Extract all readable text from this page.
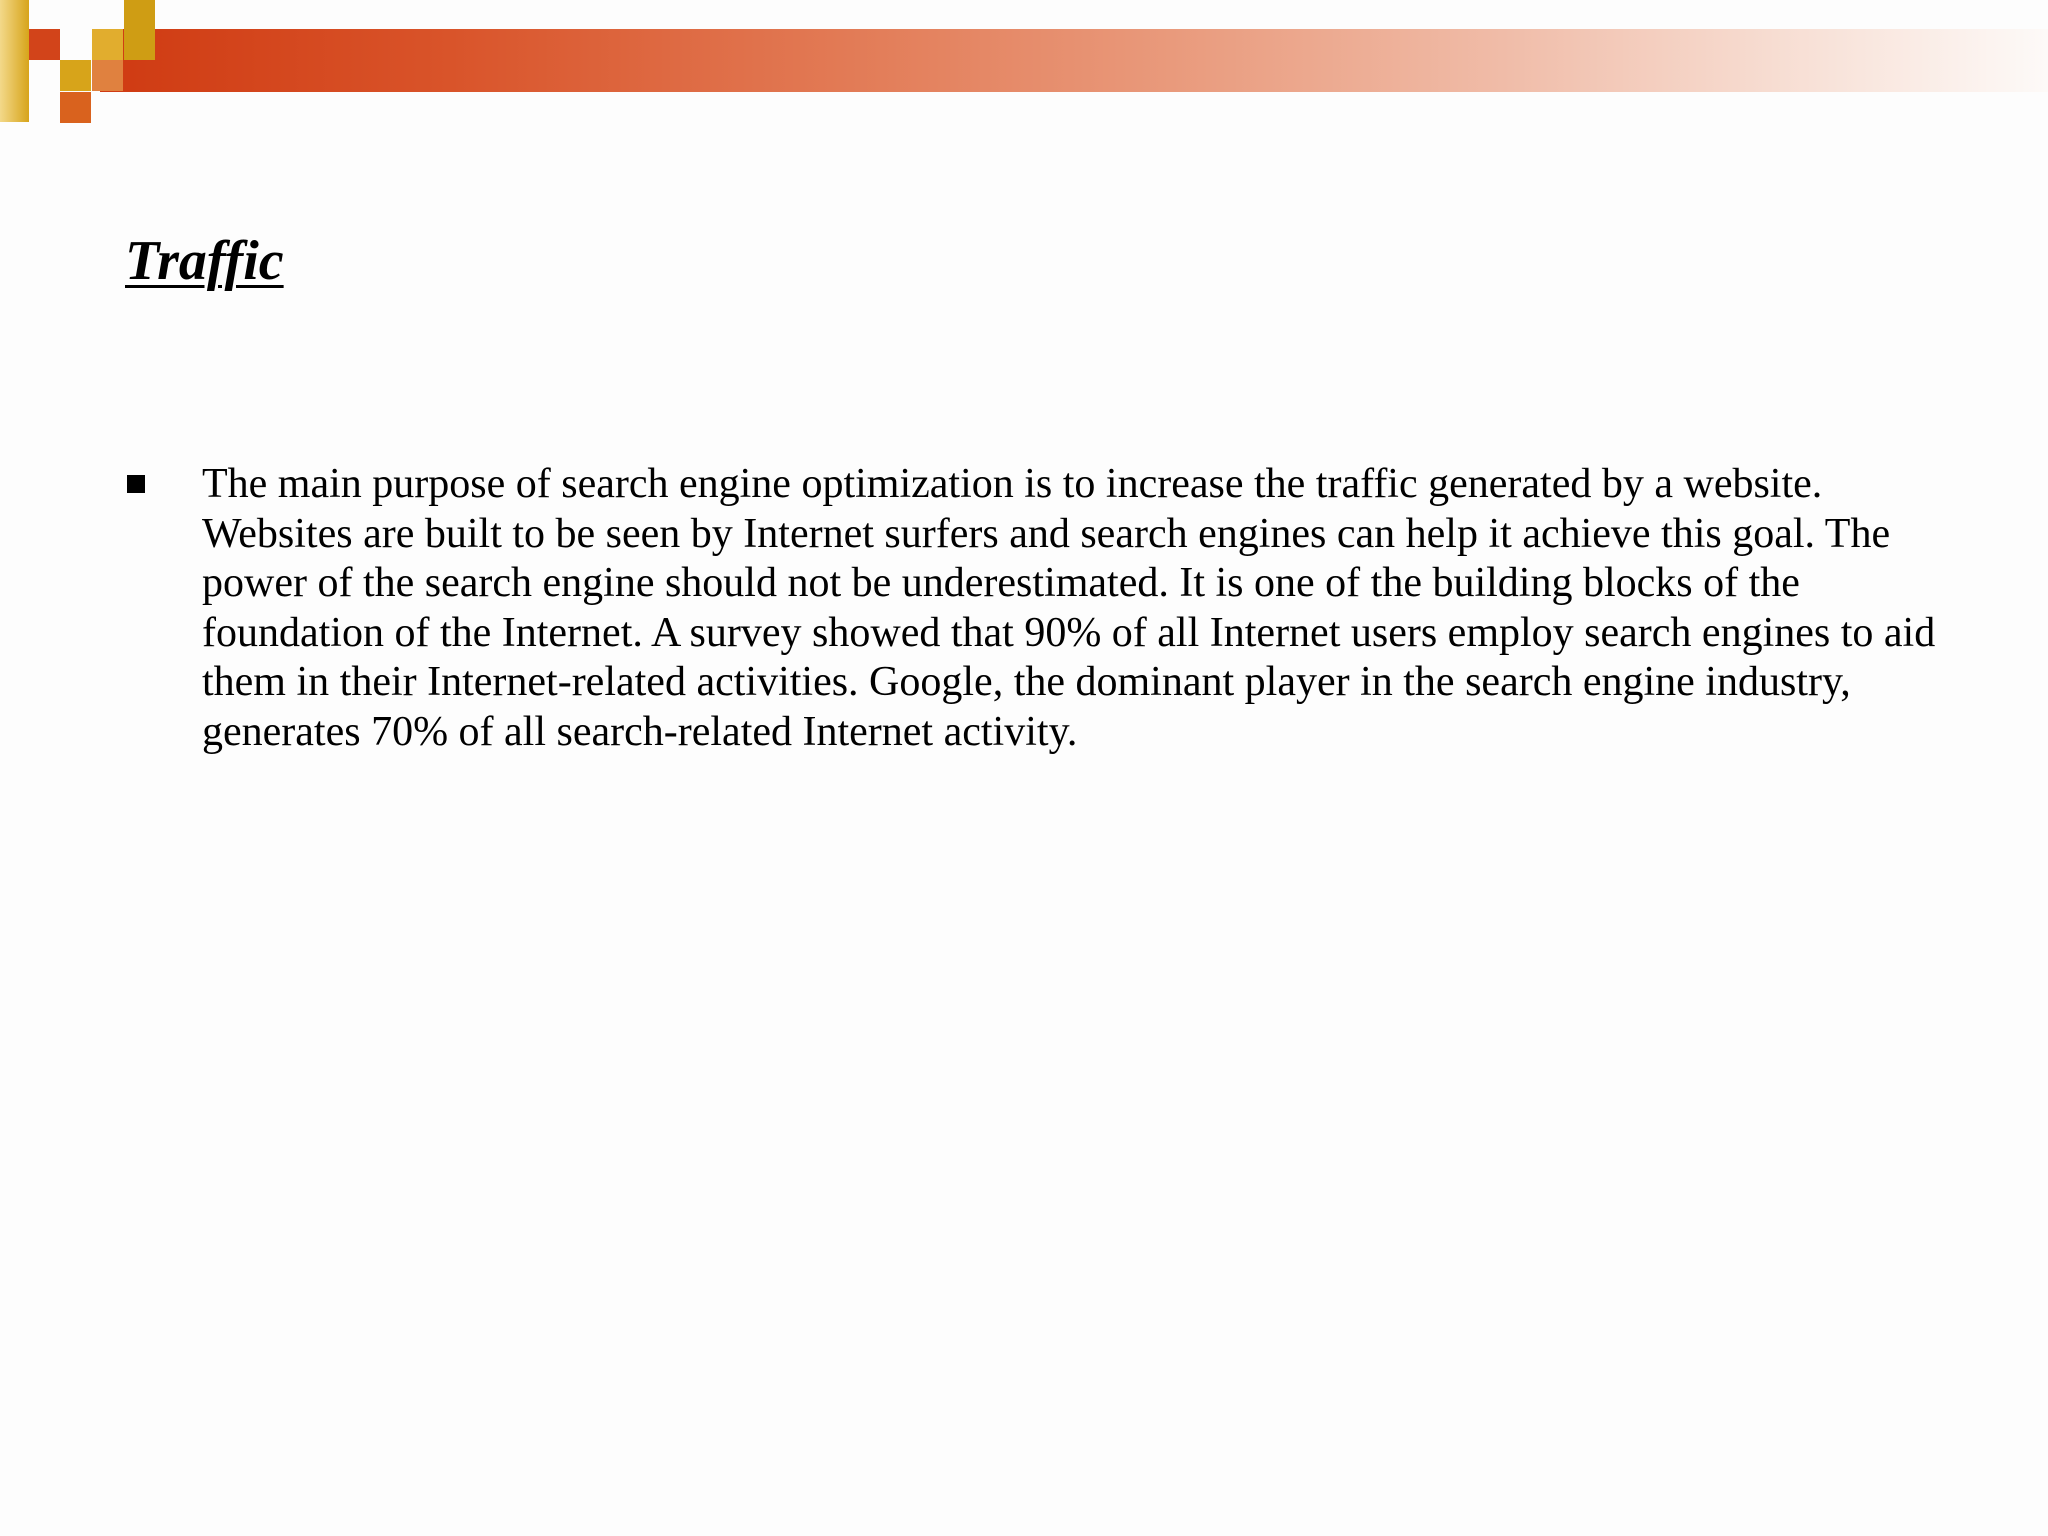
Traffic
The main purpose of search engine optimization is to increase the traffic generated by a website. Websites are built to be seen by Internet surfers and search engines can help it achieve this goal. The power of the search engine should not be underestimated. It is one of the building blocks of the foundation of the Internet. A survey showed that 90% of all Internet users employ search engines to aid them in their Internet-related activities. Google, the dominant player in the search engine industry, generates 70% of all search-related Internet activity.
